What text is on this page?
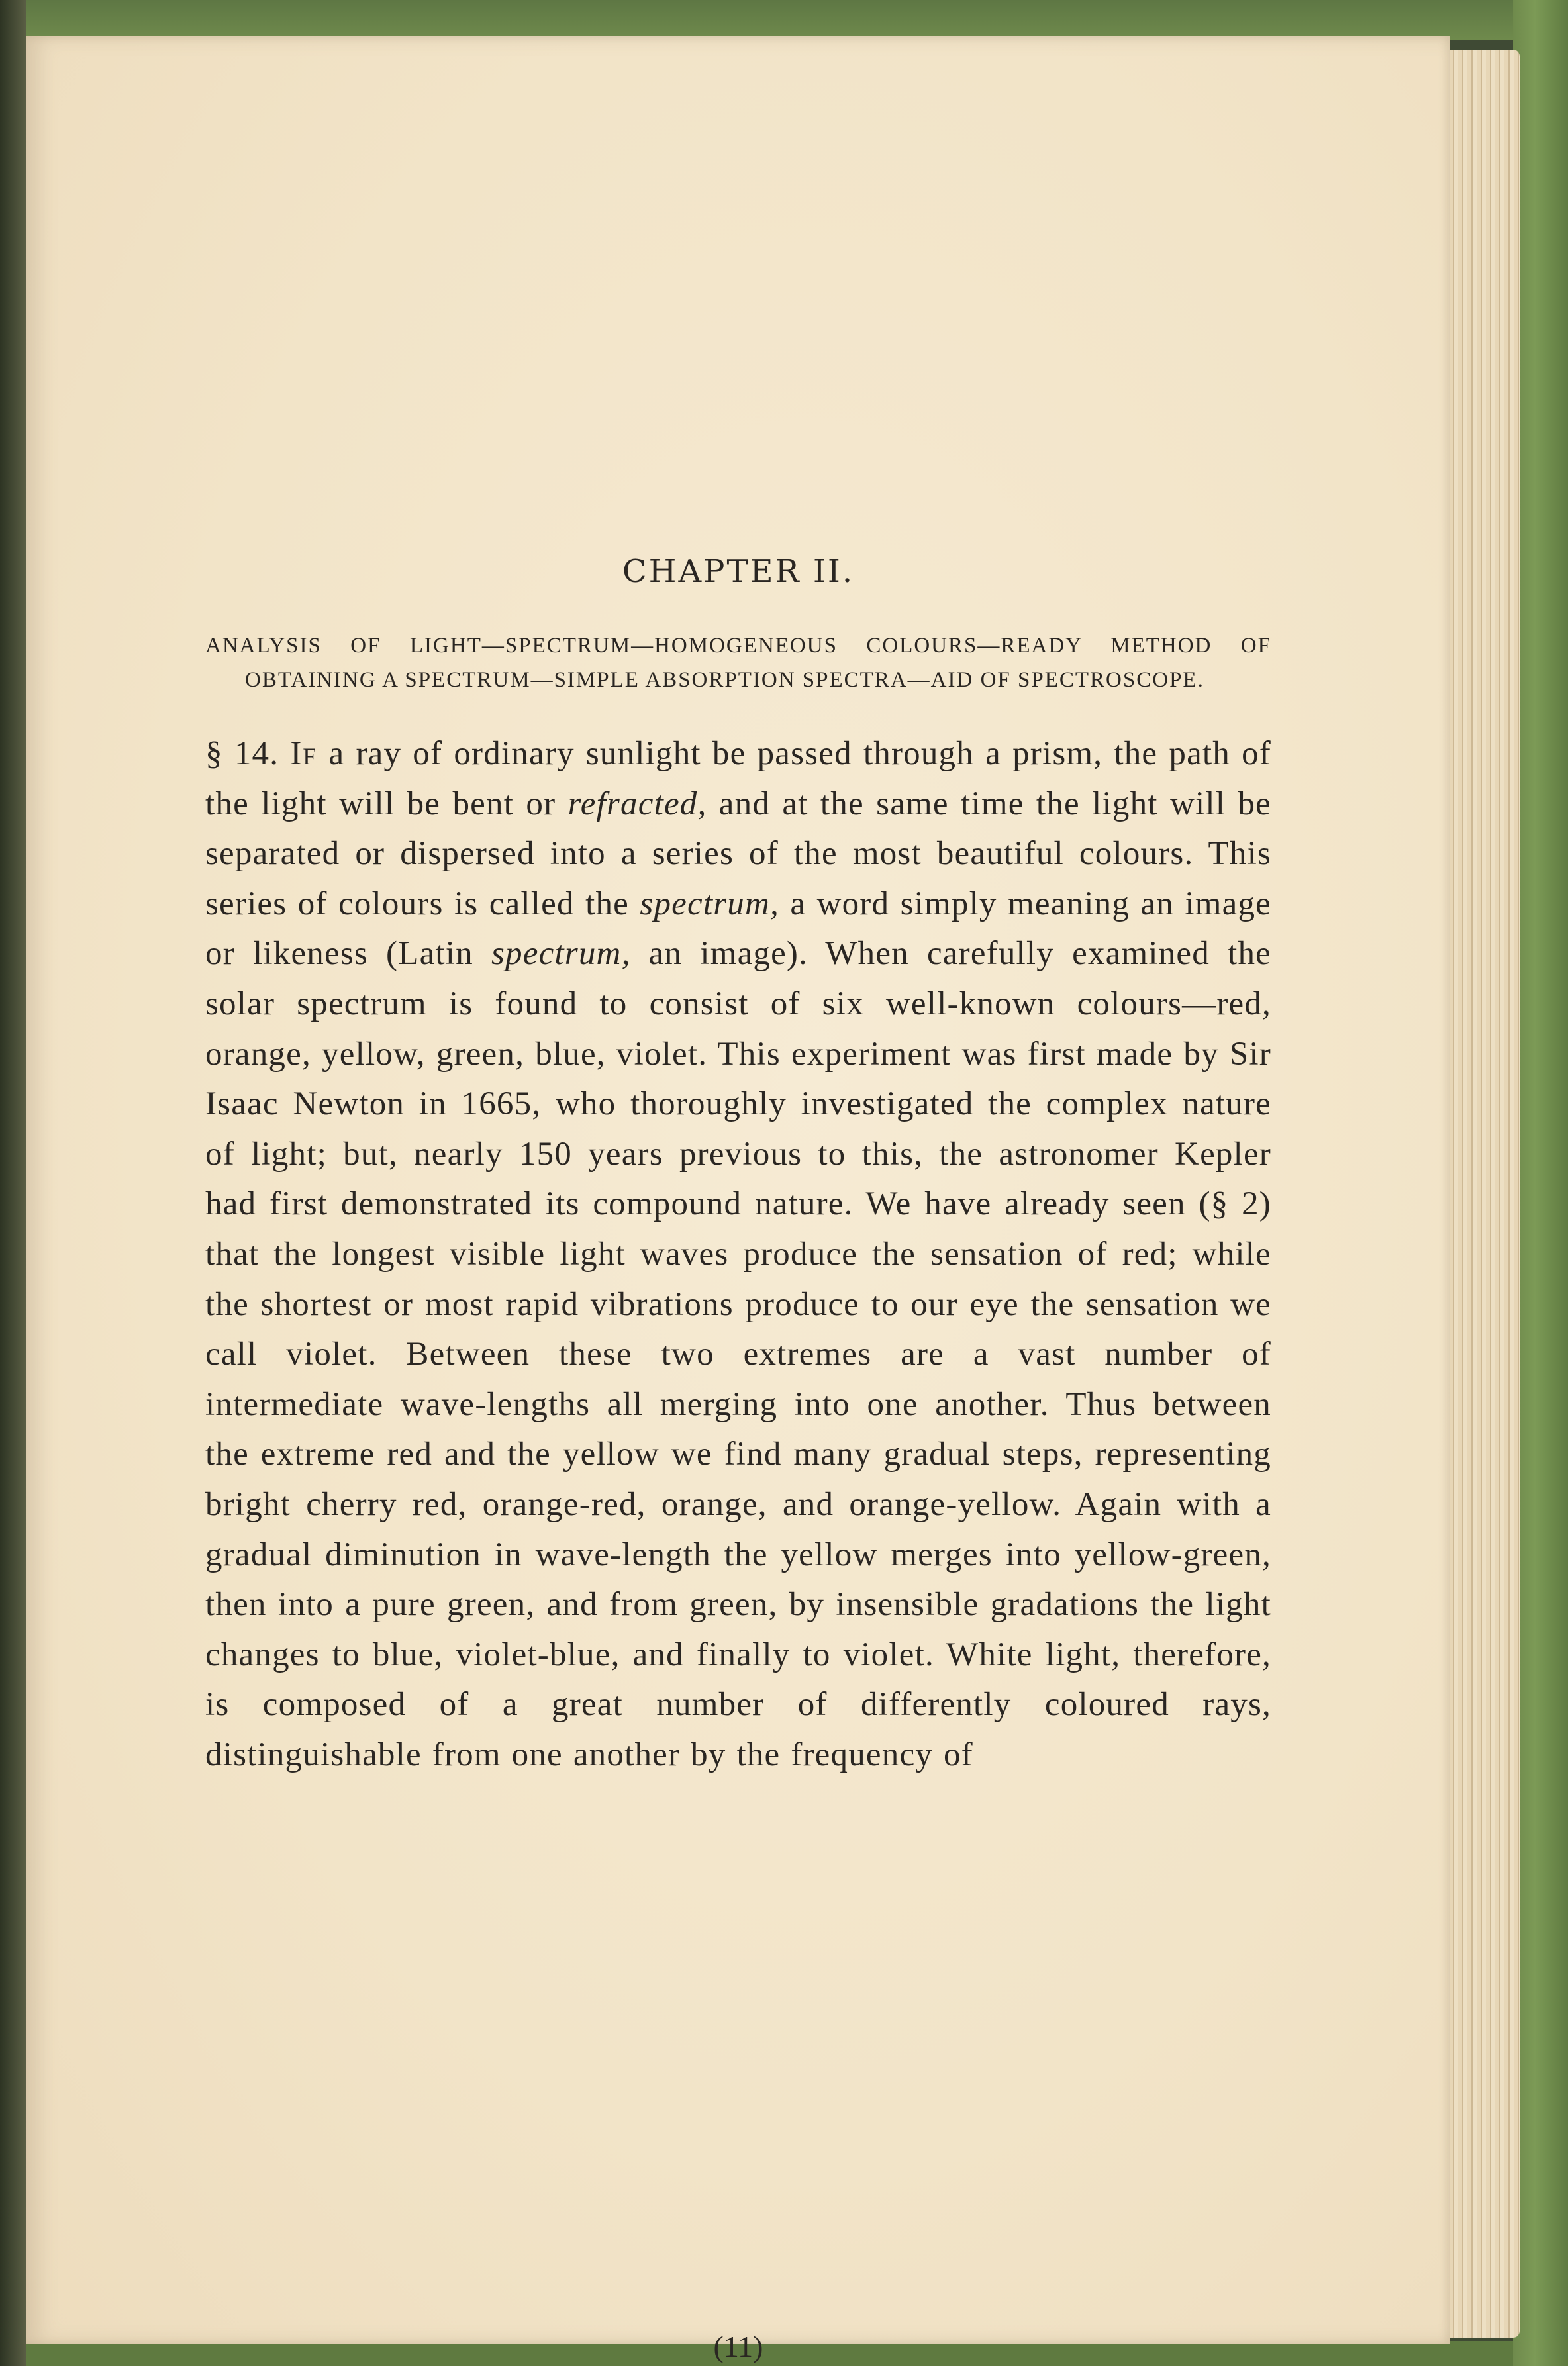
CHAPTER II.

ANALYSIS OF LIGHT—SPECTRUM—HOMOGENEOUS COLOURS—READY METHOD OF OBTAINING A SPECTRUM—SIMPLE ABSORPTION SPECTRA—AID OF SPECTROSCOPE.

§ 14. If a ray of ordinary sunlight be passed through a prism, the path of the light will be bent or refracted, and at the same time the light will be separated or dispersed into a series of the most beautiful colours. This series of colours is called the spectrum, a word simply meaning an image or likeness (Latin spectrum, an image). When carefully examined the solar spectrum is found to consist of six well-known colours—red, orange, yellow, green, blue, violet. This experiment was first made by Sir Isaac Newton in 1665, who thoroughly investigated the complex nature of light; but, nearly 150 years previous to this, the astronomer Kepler had first demonstrated its compound nature. We have already seen (§ 2) that the longest visible light waves produce the sensation of red; while the shortest or most rapid vibrations produce to our eye the sensation we call violet. Between these two extremes are a vast number of intermediate wave-lengths all merging into one another. Thus between the extreme red and the yellow we find many gradual steps, representing bright cherry red, orange-red, orange, and orange-yellow. Again with a gradual diminution in wave-length the yellow merges into yellow-green, then into a pure green, and from green, by insensible gradations the light changes to blue, violet-blue, and finally to violet. White light, therefore, is composed of a great number of differently coloured rays, distinguishable from one another by the frequency of

(11)
